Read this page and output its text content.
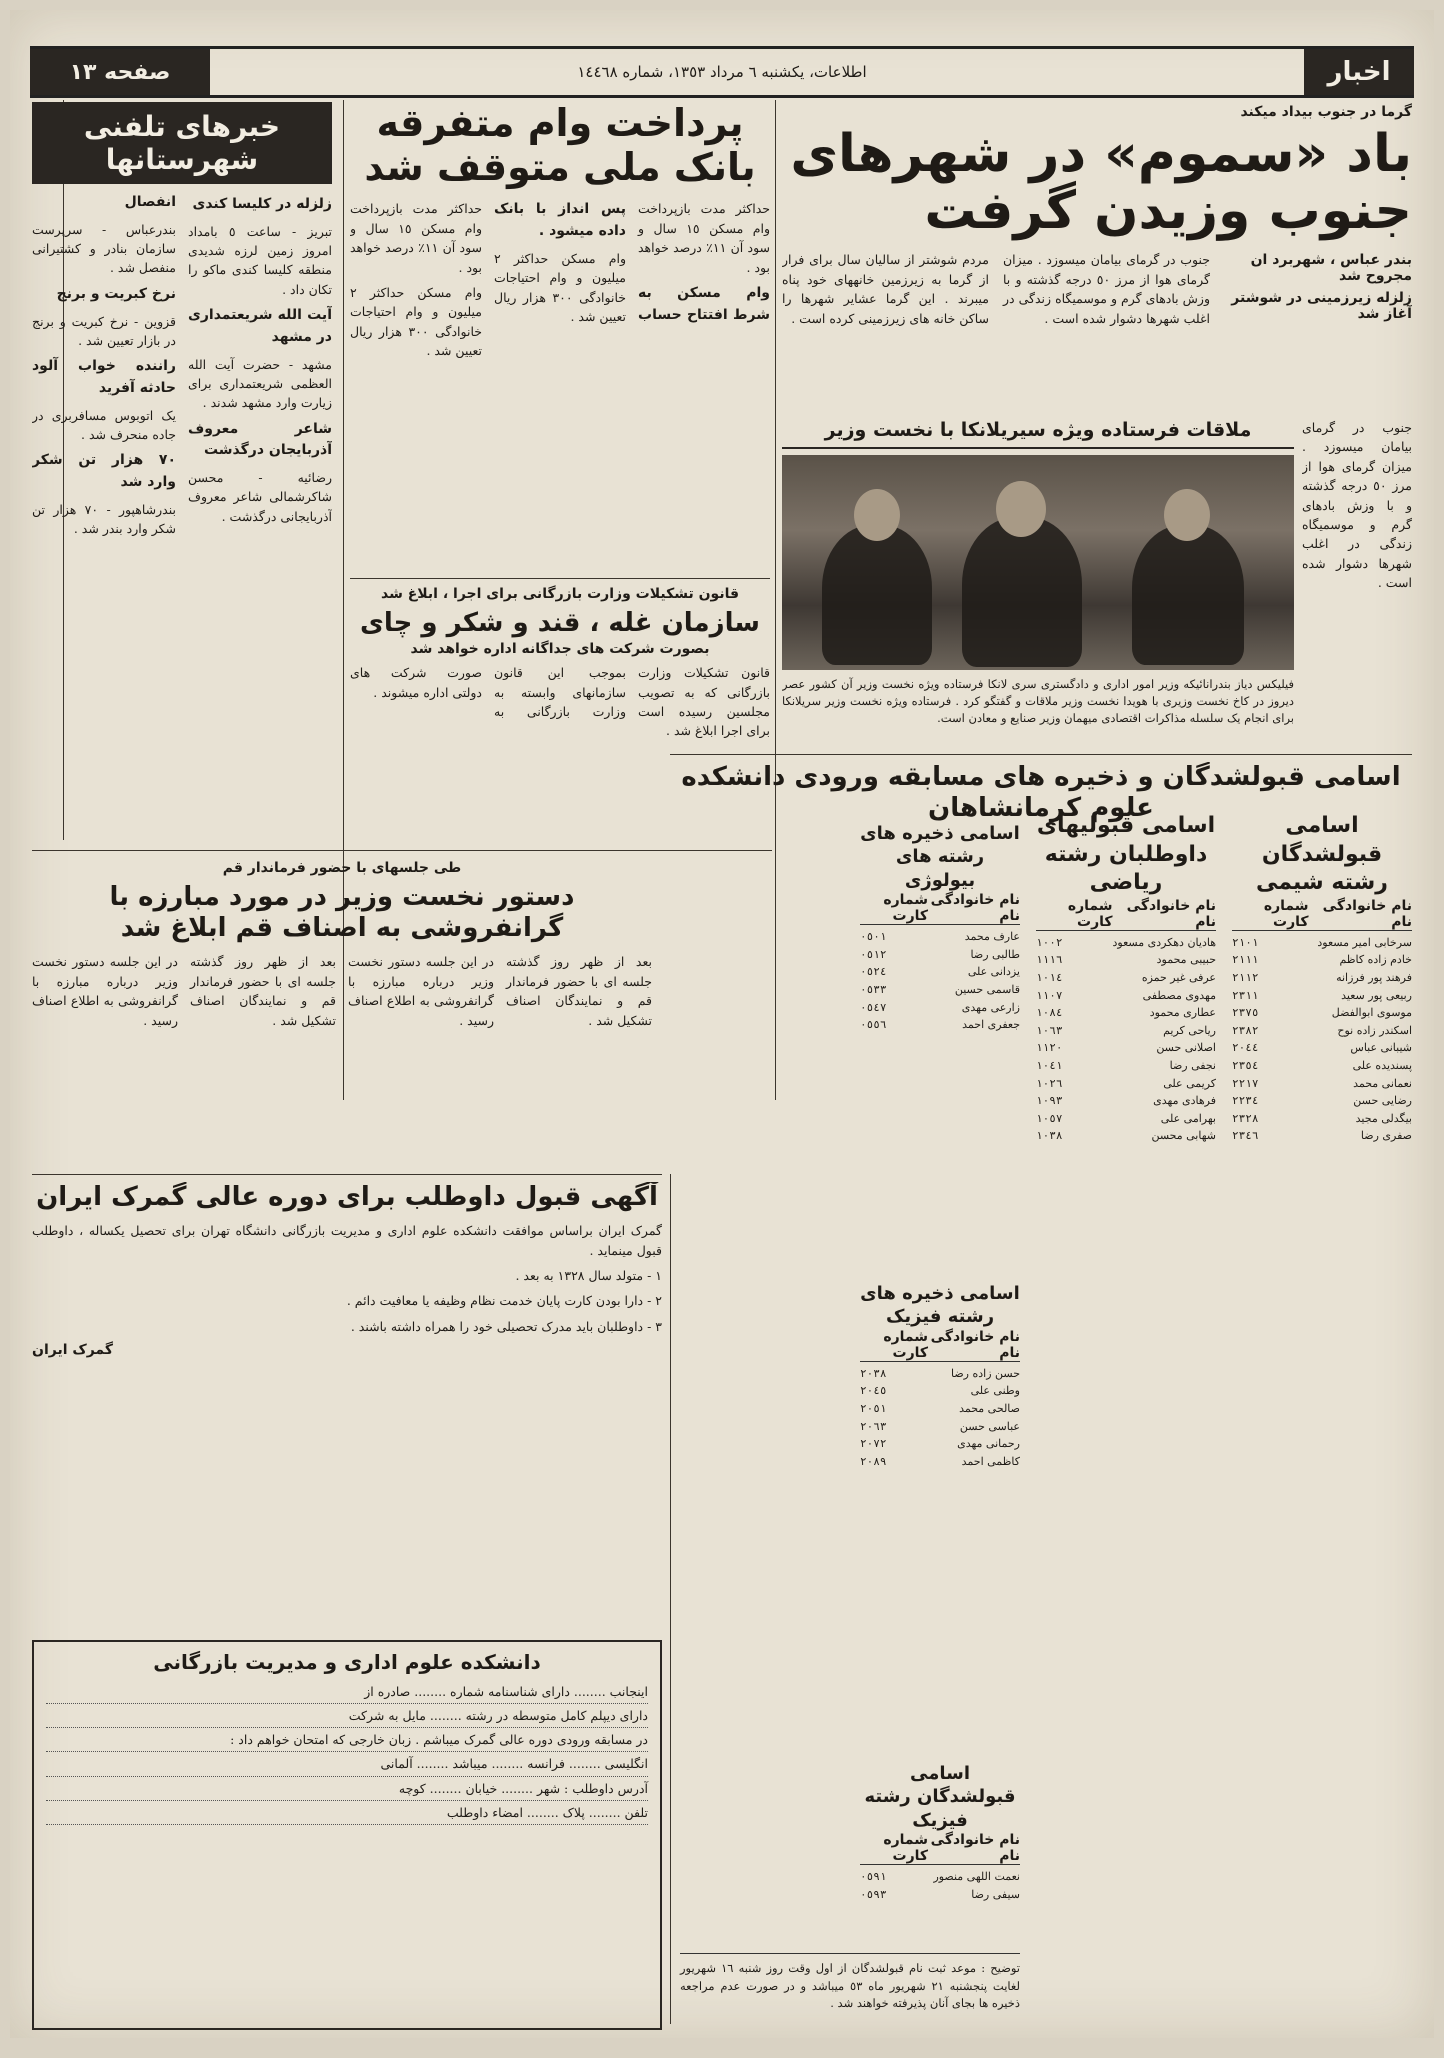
اخبار
اطلاعات، یکشنبه ٦ مرداد ١٣٥٣، شماره ١٤٤٦٨
صفحه ١٣
گرما در جنوب بیداد میکند
باد «سموم» در شهرهای جنوب وزیدن گرفت
بندر عباس ، شهربرد ان مجروح شد
زلزله زیرزمینی در شوشتر آغاز شد

جنوب در گرمای بیامان میسوزد . میزان گرمای هوا از مرز ٥٠ درجه گذشته و با وزش بادهای گرم و موسمیگاه زندگی در اغلب شهرها دشوار شده است .

مردم شوشتر از سالیان سال برای فرار از گرما به زیرزمین خانههای خود پناه میبرند . این گرما عشایر شهرها را ساکن خانه های زیرزمینی کرده است .

ملاقات فرستاده ویژه سیریلانکا با نخست وزیر
فیلیکس دیاز بندرانائیکه وزیر امور اداری و دادگستری سری لانکا فرستاده ویژه نخست وزیر آن کشور عصر دیروز در کاخ نخست وزیری با هویدا نخست وزیر ملاقات و گفتگو کرد . فرستاده ویژه نخست وزیر سریلانکا برای انجام یک سلسله مذاکرات اقتصادی میهمان وزیر صنایع و معادن است.

جنوب در گرمای بیامان میسوزد . میزان گرمای هوا از مرز ٥٠ درجه گذشته و با وزش بادهای گرم و موسمیگاه زندگی در اغلب شهرها دشوار شده است .

خبرهای تلفنی شهرستانها
زلزله در کلیسا کندی

تبریز - ساعت ٥ بامداد امروز زمین لرزه شدیدی منطقه کلیسا کندی ماکو را تکان داد .

آیت الله شریعتمداری در مشهد

مشهد - حضرت آیت الله العظمی شریعتمداری برای زیارت وارد مشهد شدند .

شاعر معروف آذربایجان درگذشت

رضائیه - محسن شاکرشمالی شاعر معروف آذربایجانی درگذشت .

انفصال

بندرعباس - سرپرست سازمان بنادر و کشتیرانی منفصل شد .

نرخ کبریت و برنج

قزوین - نرخ کبریت و برنج در بازار تعیین شد .

راننده خواب آلود حادثه آفرید

یک اتوبوس مسافربری در جاده منحرف شد .

٧٠ هزار تن شکر وارد شد

بندرشاهپور - ٧٠ هزار تن شکر وارد بندر شد .

پرداخت وام متفرقه بانک ملی متوقف شد

حداکثر مدت بازپرداخت وام مسکن ١٥ سال و سود آن ١١٪ درصد خواهد بود .

وام مسکن به شرط افتتاح حساب پس انداز با بانک داده میشود .

وام مسکن حداکثر ۲ میلیون و وام احتیاجات خانوادگی ۳۰۰ هزار ریال تعیین شد .

حداکثر مدت بازپرداخت وام مسکن ١٥ سال و سود آن ١١٪ درصد خواهد بود .

وام مسکن حداکثر ۲ میلیون و وام احتیاجات خانوادگی ۳۰۰ هزار ریال تعیین شد .

قانون تشکیلات وزارت بازرگانی برای اجرا ، ابلاغ شد
سازمان غله ، قند و شکر و چای
بصورت شرکت های جداگانه اداره خواهد شد

قانون تشکیلات وزارت بازرگانی که به تصویب مجلسین رسیده است برای اجرا ابلاغ شد .

بموجب این قانون سازمانهای وابسته به وزارت بازرگانی به صورت شرکت های دولتی اداره میشوند .

طی جلسهای با حضور فرماندار قم
دستور نخست وزیر در مورد مبارزه با گرانفروشی به اصناف قم ابلاغ شد

بعد از ظهر روز گذشته جلسه ای با حضور فرماندار قم و نمایندگان اصناف تشکیل شد .

در این جلسه دستور نخست وزیر درباره مبارزه با گرانفروشی به اطلاع اصناف رسید .

بعد از ظهر روز گذشته جلسه ای با حضور فرماندار قم و نمایندگان اصناف تشکیل شد .

در این جلسه دستور نخست وزیر درباره مبارزه با گرانفروشی به اطلاع اصناف رسید .

آگهی قبول داوطلب برای دوره عالی گمرک ایران

گمرک ایران براساس موافقت دانشکده علوم اداری و مدیریت بازرگانی دانشگاه تهران برای تحصیل یکساله ، داوطلب قبول مینماید .

١ - متولد سال ١٣٢٨ به بعد .

٢ - دارا بودن کارت پایان خدمت نظام وظیفه یا معافیت دائم .

٣ - داوطلبان باید مدرک تحصیلی خود را همراه داشته باشند .

گمرک ایران
دانشکده علوم اداری و مدیریت بازرگانی
اینجانب ........ دارای شناسنامه شماره ........ صادره از
دارای دیپلم کامل متوسطه در رشته ........ مایل به شرکت
در مسابقه ورودی دوره عالی گمرک میباشم . زبان خارجی که امتحان خواهم داد :
انگلیسی ........ فرانسه ........ میباشد ........ آلمانی
آدرس داوطلب : شهر ........ خیابان ........ کوچه
تلفن ........ پلاک ........ امضاء داوطلب
اسامی قبولشدگان و ذخیره های مسابقه ورودی دانشکده علوم کرمانشاهان
اسامی قبولشدگان رشته شیمی
نام خانوادگی نام
شماره کارت
سرخابی امیر مسعود
٢١٠١
خادم زاده کاظم
٢١١١
فرهند پور فرزانه
٢١١٢
ربیعی پور سعید
٢٣١١
موسوی ابوالفضل
٢٣٧٥
اسکندر زاده نوح
٢٣٨٢
شیبانی عباس
٢٠٤٤
پسندیده علی
٢٣٥٤
نعمانی محمد
٢٢١٧
رضایی حسن
٢٢٣٤
بیگدلی مجید
٢٣٢٨
صفری رضا
٢٣٤٦
اسامی قبولیهای داوطلبان رشته ریاضی
نام خانوادگی نام
شماره کارت
هادیان دهکردی مسعود
١٠٠٢
حبیبی محمود
١١١٦
عرفی غیر حمزه
١٠١٤
مهدوی مصطفی
١١٠٧
عطاری محمود
١٠٨٤
ریاحی کریم
١٠٦٣
اصلانی حسن
١١٢٠
نجفی رضا
١٠٤١
کریمی علی
١٠٢٦
فرهادی مهدی
١٠٩٣
بهرامی علی
١٠٥٧
شهابی محسن
١٠٣٨
اسامی ذخیره های رشته های بیولوژی
نام خانوادگی نام
شماره کارت
عارف محمد
٠٥٠١
طالبی رضا
٠٥١٢
یزدانی علی
٠٥٢٤
قاسمی حسین
٠٥٣٣
زارعی مهدی
٠٥٤٧
جعفری احمد
٠٥٥٦
اسامی ذخیره های رشته فیزیک
نام خانوادگی نام
شماره کارت
حسن زاده رضا
٢٠٣٨
وطنی علی
٢٠٤٥
صالحی محمد
٢٠٥١
عباسی حسن
٢٠٦٣
رحمانی مهدی
٢٠٧٢
کاظمی احمد
٢٠٨٩
اسامی قبولشدگان رشته فیزیک
نام خانوادگی نام
شماره کارت
نعمت اللهی منصور
٠٥٩١
سیفی رضا
٠٥٩٣
توضیح : موعد ثبت نام قبولشدگان از اول وقت روز شنبه ١٦ شهریور لغایت پنجشنبه ٢١ شهریور ماه ٥٣ میباشد و در صورت عدم مراجعه ذخیره ها بجای آنان پذیرفته خواهند شد .
